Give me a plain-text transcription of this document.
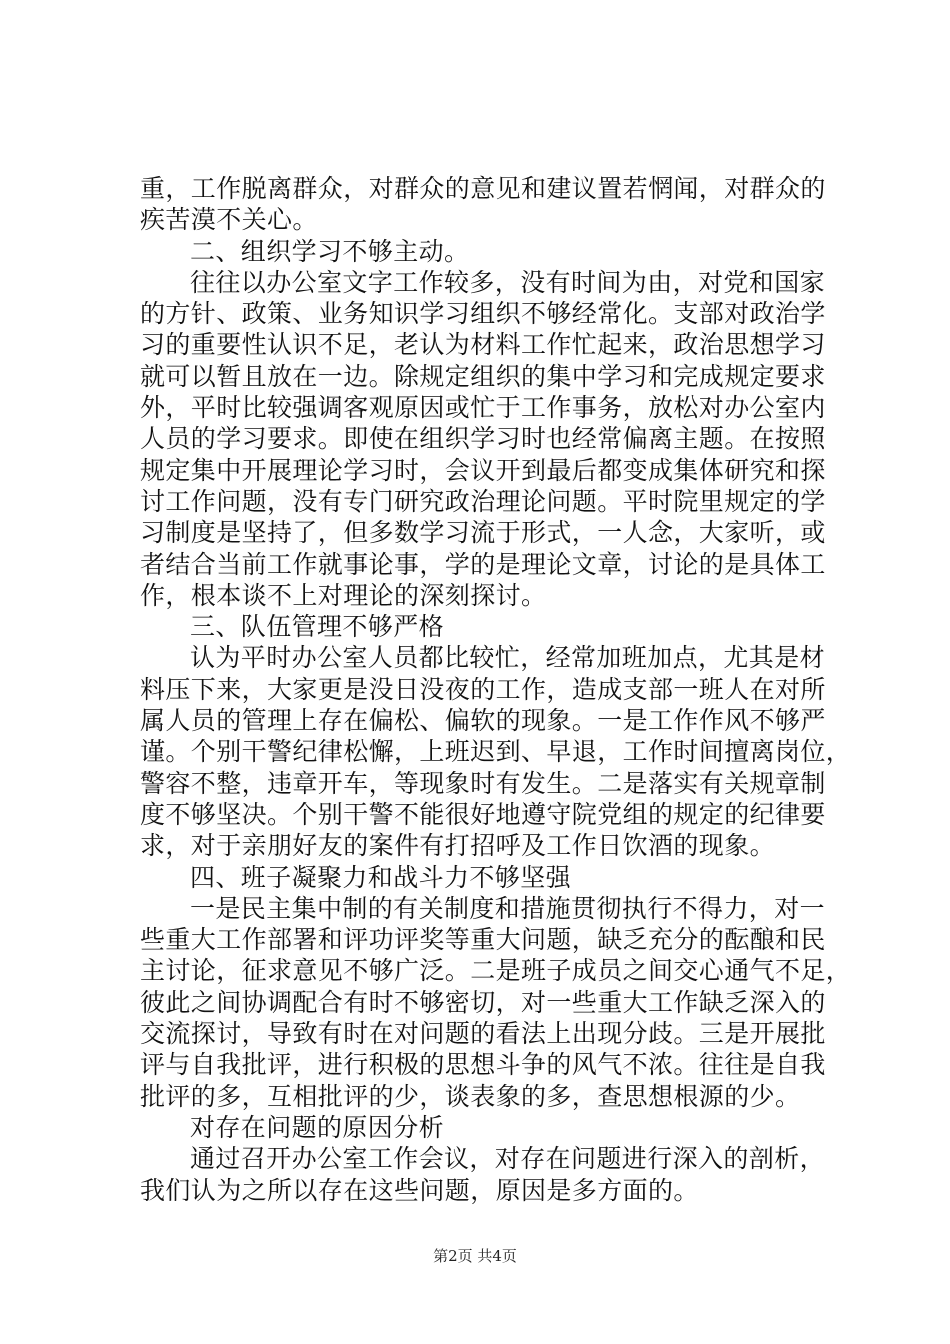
重，工作脱离群众，对群众的意见和建议置若惘闻，对群众的
疾苦漠不关心。
二、组织学习不够主动。
往往以办公室文字工作较多，没有时间为由，对党和国家
的方针、政策、业务知识学习组织不够经常化。支部对政治学
习的重要性认识不足，老认为材料工作忙起来，政治思想学习
就可以暂且放在一边。除规定组织的集中学习和完成规定要求
外，平时比较强调客观原因或忙于工作事务，放松对办公室内
人员的学习要求。即使在组织学习时也经常偏离主题。在按照
规定集中开展理论学习时，会议开到最后都变成集体研究和探
讨工作问题，没有专门研究政治理论问题。平时院里规定的学
习制度是坚持了，但多数学习流于形式，一人念，大家听，或
者结合当前工作就事论事，学的是理论文章，讨论的是具体工
作，根本谈不上对理论的深刻探讨。
三、队伍管理不够严格
认为平时办公室人员都比较忙，经常加班加点，尤其是材
料压下来，大家更是没日没夜的工作，造成支部一班人在对所
属人员的管理上存在偏松、偏软的现象。一是工作作风不够严
谨。个别干警纪律松懈，上班迟到、早退，工作时间擅离岗位，
警容不整，违章开车，等现象时有发生。二是落实有关规章制
度不够坚决。个别干警不能很好地遵守院党组的规定的纪律要
求，对于亲朋好友的案件有打招呼及工作日饮酒的现象。
四、班子凝聚力和战斗力不够坚强
一是民主集中制的有关制度和措施贯彻执行不得力，对一
些重大工作部署和评功评奖等重大问题，缺乏充分的酝酿和民
主讨论，征求意见不够广泛。二是班子成员之间交心通气不足，
彼此之间协调配合有时不够密切，对一些重大工作缺乏深入的
交流探讨，导致有时在对问题的看法上出现分歧。三是开展批
评与自我批评，进行积极的思想斗争的风气不浓。往往是自我
批评的多，互相批评的少，谈表象的多，查思想根源的少。
对存在问题的原因分析
通过召开办公室工作会议，对存在问题进行深入的剖析，
我们认为之所以存在这些问题，原因是多方面的。
第2页 共4页
